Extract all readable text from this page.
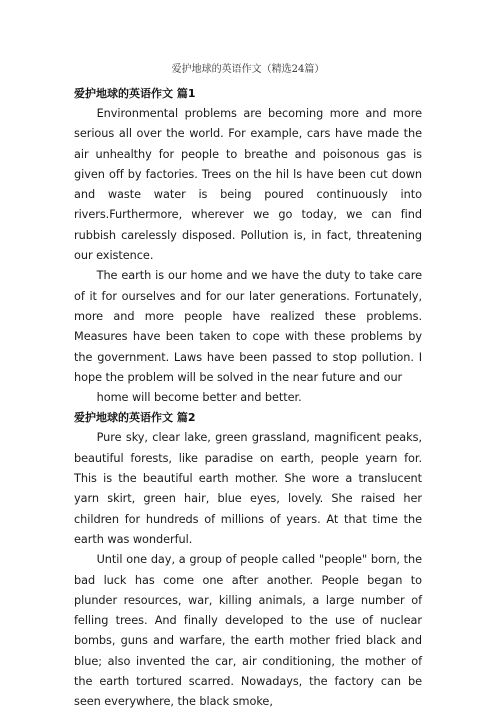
爱护地球的英语作文（精选24篇）
爱护地球的英语作文 篇1

Environmental problems are becoming more and more serious all over the world. For example, cars have made the air unhealthy for people to breathe and poisonous gas is given off by factories. Trees on the hil ls have been cut down and waste water is being poured continuously into rivers.Furthermore, wherever we go today, we can find rubbish carelessly disposed. Pollution is, in fact, threatening our existence.

The earth is our home and we have the duty to take care of it for ourselves and for our later generations. Fortunately, more and more people have realized these problems. Measures have been taken to cope with these problems by the government. Laws have been passed to stop pollution. I hope the problem will be solved in the near future and our

home will become better and better.

爱护地球的英语作文 篇2

Pure sky, clear lake, green grassland, magnificent peaks, beautiful forests, like paradise on earth, people yearn for. This is the beautiful earth mother. She wore a translucent yarn skirt, green hair, blue eyes, lovely. She raised her children for hundreds of millions of years. At that time the earth was wonderful.

Until one day, a group of people called "people" born, the bad luck has come one after another. People began to plunder resources, war, killing animals, a large number of felling trees. And finally developed to the use of nuclear bombs, guns and warfare, the earth mother fried black and blue; also invented the car, air conditioning, the mother of the earth tortured scarred. Nowadays, the factory can be seen everywhere, the black smoke,
